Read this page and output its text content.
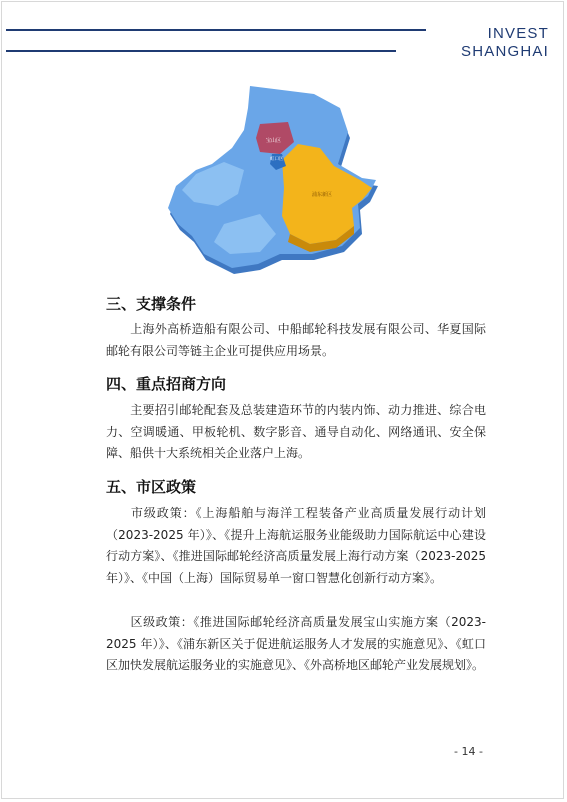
INVEST
SHANGHAI
宝山区
虹口区
浦东新区
三、支撑条件
上海外高桥造船有限公司、中船邮轮科技发展有限公司、华夏国际邮轮有限公司等链主企业可提供应用场景。
四、重点招商方向
主要招引邮轮配套及总装建造环节的内装内饰、动力推进、综合电力、空调暖通、甲板轮机、数字影音、通导自动化、网络通讯、安全保障、船供十大系统相关企业落户上海。
五、市区政策
市级政策：《上海船舶与海洋工程装备产业高质量发展行动计划（2023-2025 年）》、《提升上海航运服务业能级助力国际航运中心建设行动方案》、《推进国际邮轮经济高质量发展上海行动方案（2023-2025 年）》、《中国（上海）国际贸易单一窗口智慧化创新行动方案》。
区级政策：《推进国际邮轮经济高质量发展宝山实施方案（2023-2025 年）》、《浦东新区关于促进航运服务人才发展的实施意见》、《虹口区加快发展航运服务业的实施意见》、《外高桥地区邮轮产业发展规划》。
- 14 -
